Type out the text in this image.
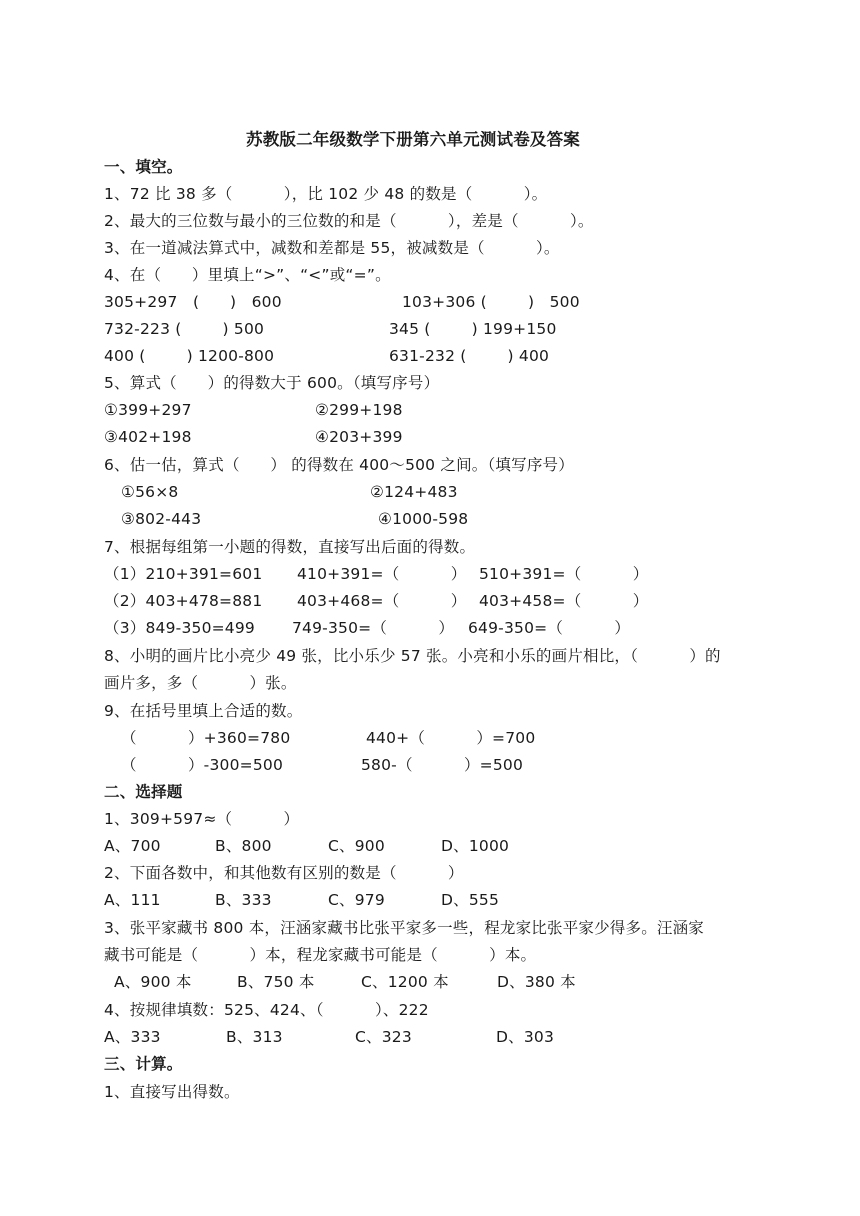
苏教版二年级数学下册第六单元测试卷及答案
一、填空。
1、72 比 38 多（          ），比 102 少 48 的数是（          ）。
2、最大的三位数与最小的三位数的和是（          ），差是（          ）。
3、在一道减法算式中，减数和差都是 55，被减数是（          ）。
4、在（      ）里填上“>”、“<”或“=”。
305+297   (      )   600	103+306 (        )   500
732-223 (        ) 500	345 (        ) 199+150
400 (        ) 1200-800	631-232 (        ) 400
5、算式（      ）的得数大于 600。（填写序号）
①399+297	②299+198
③402+198	④203+399
6、估一估，算式（      ） 的得数在 400～500 之间。（填写序号）
①56×8	②124+483
③802-443	④1000-598
7、根据每组第一小题的得数，直接写出后面的得数。
（1）210+391=601 410+391=（          ） 510+391=（          ）
（2）403+478=881 403+468=（          ） 403+458=（          ）
（3）849-350=499 749-350=（          ） 649-350=（          ）
8、小明的画片比小亮少 49 张，比小乐少 57 张。小亮和小乐的画片相比，（          ）的
画片多，多（          ）张。
9、在括号里填上合适的数。
（          ）+360=780	440+（          ）=700
（          ）-300=500	580-（          ）=500
二、选择题
1、309+597≈（          ）
A、700	B、800	C、900	D、1000
2、下面各数中，和其他数有区别的数是（          ）
A、111	B、333	C、979	D、555
3、张平家藏书 800 本，汪涵家藏书比张平家多一些，程龙家比张平家少得多。汪涵家
藏书可能是（          ）本，程龙家藏书可能是（          ）本。
A、900 本	B、750 本	C、1200 本	D、380 本
4、按规律填数：525、424、（          ）、222
A、333	B、313	C、323	D、303
三、计算。
1、直接写出得数。
